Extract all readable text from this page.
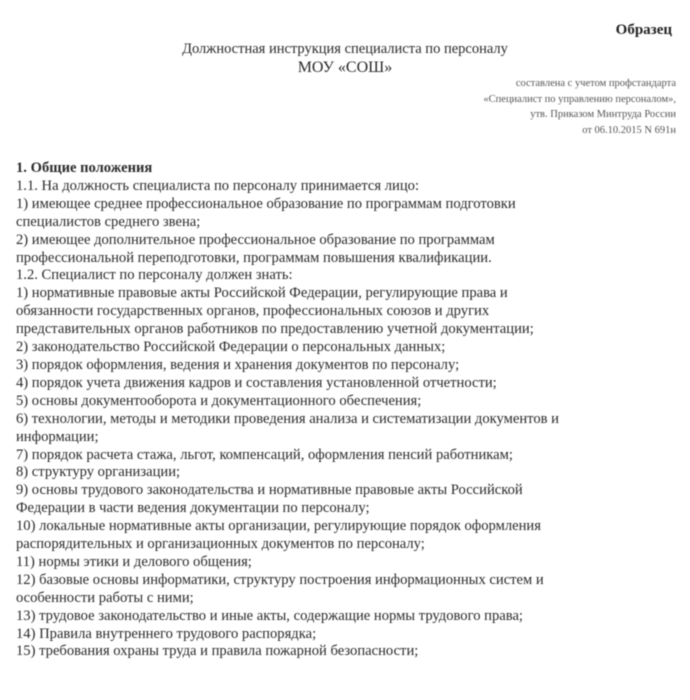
Образец
Должностная инструкция специалиста по персоналу
МОУ «СОШ»
составлена с учетом профстандарта
«Специалист по управлению персоналом»,
утв. Приказом Минтруда России
от 06.10.2015 N 691н
1. Общие положения
1.1. На должность специалиста по персоналу принимается лицо:
1) имеющее среднее профессиональное образование по программам подготовки
специалистов среднего звена;
2) имеющее дополнительное профессиональное образование по программам
профессиональной переподготовки, программам повышения квалификации.
1.2. Специалист по персоналу должен знать:
1) нормативные правовые акты Российской Федерации, регулирующие права и
обязанности государственных органов, профессиональных союзов и других
представительных органов работников по предоставлению учетной документации;
2) законодательство Российской Федерации о персональных данных;
3) порядок оформления, ведения и хранения документов по персоналу;
4) порядок учета движения кадров и составления установленной отчетности;
5) основы документооборота и документационного обеспечения;
6) технологии, методы и методики проведения анализа и систематизации документов и
информации;
7) порядок расчета стажа, льгот, компенсаций, оформления пенсий работникам;
8) структуру организации;
9) основы трудового законодательства и нормативные правовые акты Российской
Федерации в части ведения документации по персоналу;
10) локальные нормативные акты организации, регулирующие порядок оформления
распорядительных и организационных документов по персоналу;
11) нормы этики и делового общения;
12) базовые основы информатики, структуру построения информационных систем и
особенности работы с ними;
13) трудовое законодательство и иные акты, содержащие нормы трудового права;
14) Правила внутреннего трудового распорядка;
15) требования охраны труда и правила пожарной безопасности;
